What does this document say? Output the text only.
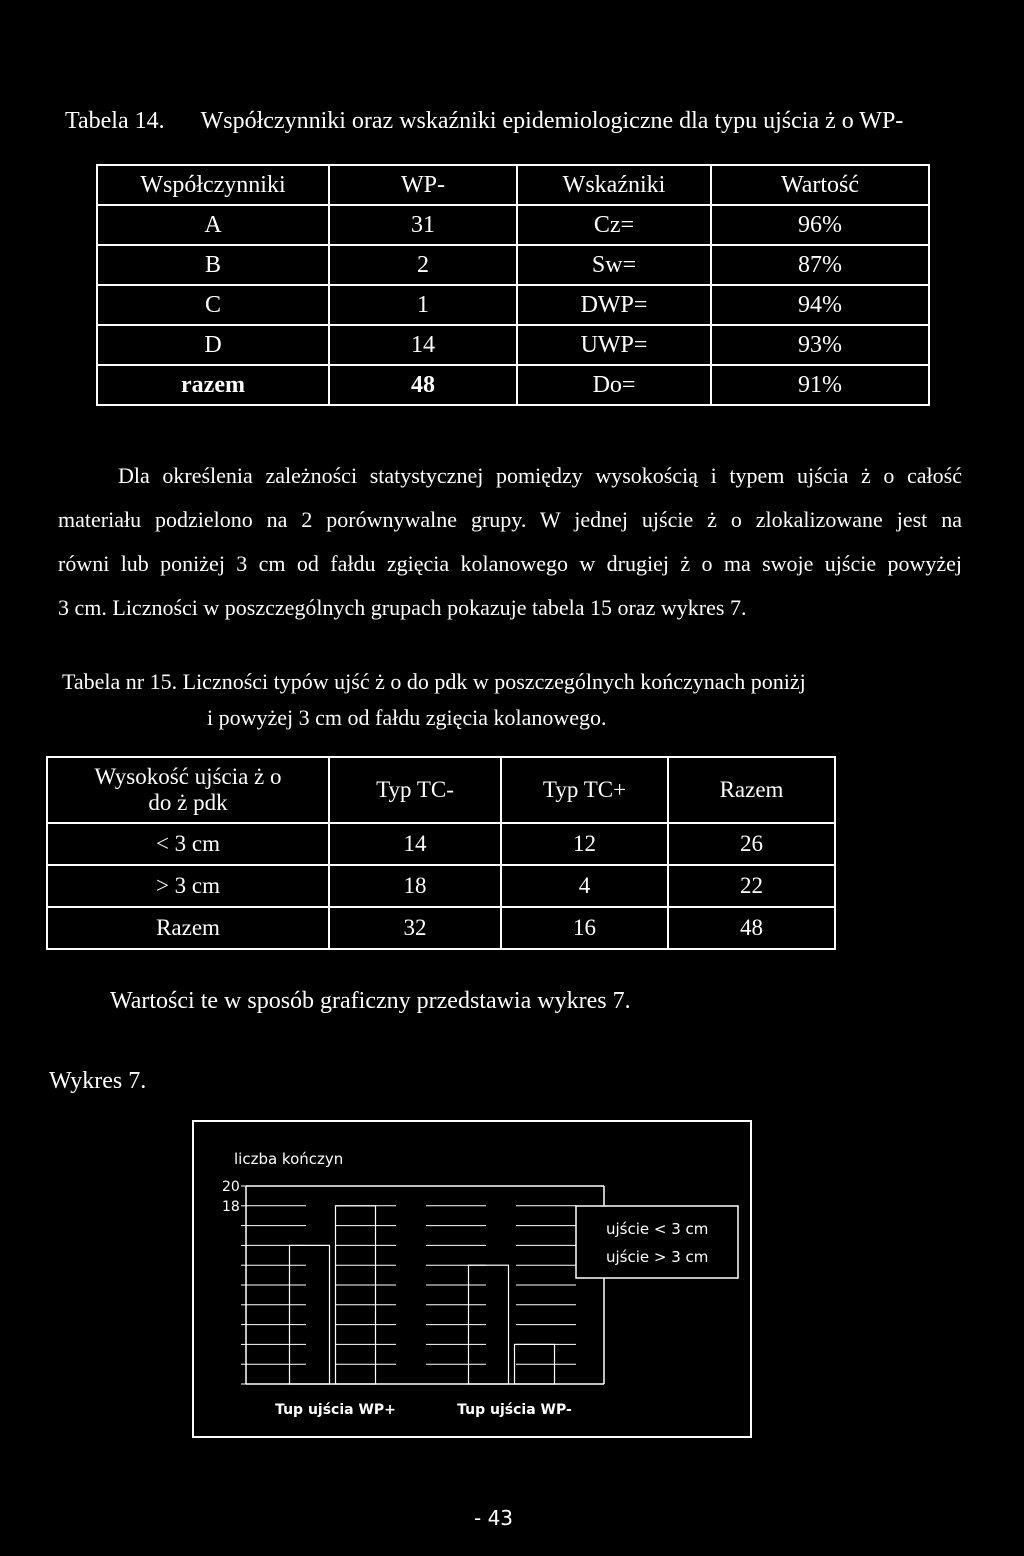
Tabela 14. Współczynniki oraz wskaźniki epidemiologiczne dla typu ujścia ż o WP-
Współczynniki	WP-	Wskaźniki	Wartość
A	31	Cz=	96%
B	2	Sw=	87%
C	1	DWP=	94%
D	14	UWP=	93%
razem	48	Do=	91%

Dla określenia zależności statystycznej pomiędzy wysokością i typem ujścia ż o całość

materiału podzielono na 2 porównywalne grupy. W jednej ujście ż o zlokalizowane jest na

równi lub poniżej 3 cm od fałdu zgięcia kolanowego w drugiej ż o ma swoje ujście powyżej

3 cm. Liczności w poszczególnych grupach pokazuje tabela 15 oraz wykres 7.

Tabela nr 15. Liczności typów ujść ż o do pdk w poszczególnych kończynach poniżj
i powyżej 3 cm od fałdu zgięcia kolanowego.
Wysokość ujścia ż o
do ż pdk	Typ TC-	Typ TC+	Razem
< 3 cm	14	12	26
> 3 cm	18	4	22
Razem	32	16	48
Wartości te w sposób graficzny przedstawia wykres 7.
Wykres 7.
liczba kończyn
20
18
Tup ujścia WP+	Tup ujścia WP-
ujście < 3 cm
ujście > 3 cm
- 43
